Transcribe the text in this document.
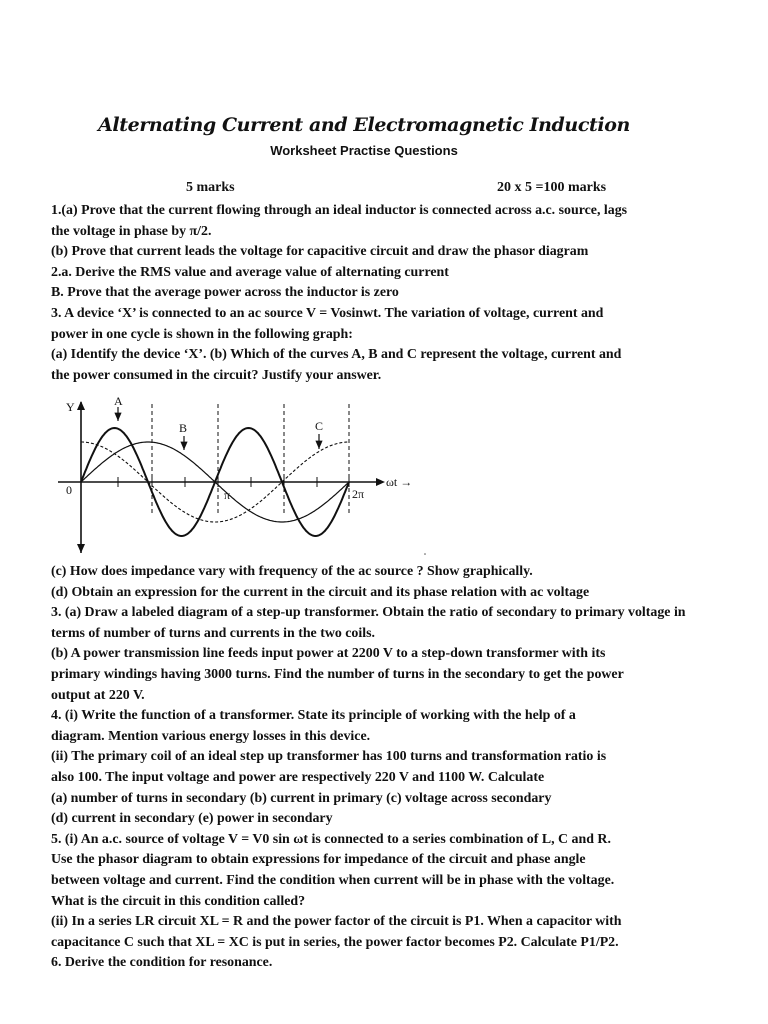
Alternating Current and Electromagnetic Induction
Worksheet Practise Questions
5 marks	20 x 5 =100 marks
1.(a) Prove that the current flowing through an ideal inductor is connected across a.c. source, lags
the voltage in phase by π/2.
(b) Prove that current leads the voltage for capacitive circuit and draw the phasor diagram
2.a. Derive the RMS value and average value of alternating current
B. Prove that the average power across the inductor is zero
3. A device ‘X’ is connected to an ac source V = Vosinwt. The variation of voltage, current and
power in one cycle is shown in the following graph:
(a) Identify the device ‘X’. (b) Which of the curves A, B and C represent the voltage, current and
the power consumed in the circuit? Justify your answer.
Y
0
ωt →
π	2π
A
B	C
(c) How does impedance vary with frequency of the ac source ? Show graphically.
(d) Obtain an expression for the current in the circuit and its phase relation with ac voltage
3. (a) Draw a labeled diagram of a step-up transformer. Obtain the ratio of secondary to primary voltage in
terms of number of turns and currents in the two coils.
(b) A power transmission line feeds input power at 2200 V to a step-down transformer with its
primary windings having 3000 turns. Find the number of turns in the secondary to get the power
output at 220 V.
4. (i) Write the function of a transformer. State its principle of working with the help of a
diagram. Mention various energy losses in this device.
(ii) The primary coil of an ideal step up transformer has 100 turns and transformation ratio is
also 100. The input voltage and power are respectively 220 V and 1100 W. Calculate
(a) number of turns in secondary (b) current in primary (c) voltage across secondary
(d) current in secondary (e) power in secondary
5. (i) An a.c. source of voltage V = V0 sin ωt is connected to a series combination of L, C and R.
Use the phasor diagram to obtain expressions for impedance of the circuit and phase angle
between voltage and current. Find the condition when current will be in phase with the voltage.
What is the circuit in this condition called?
(ii) In a series LR circuit XL = R and the power factor of the circuit is P1. When a capacitor with
capacitance C such that XL = XC is put in series, the power factor becomes P2. Calculate P1/P2.
6. Derive the condition for resonance.
